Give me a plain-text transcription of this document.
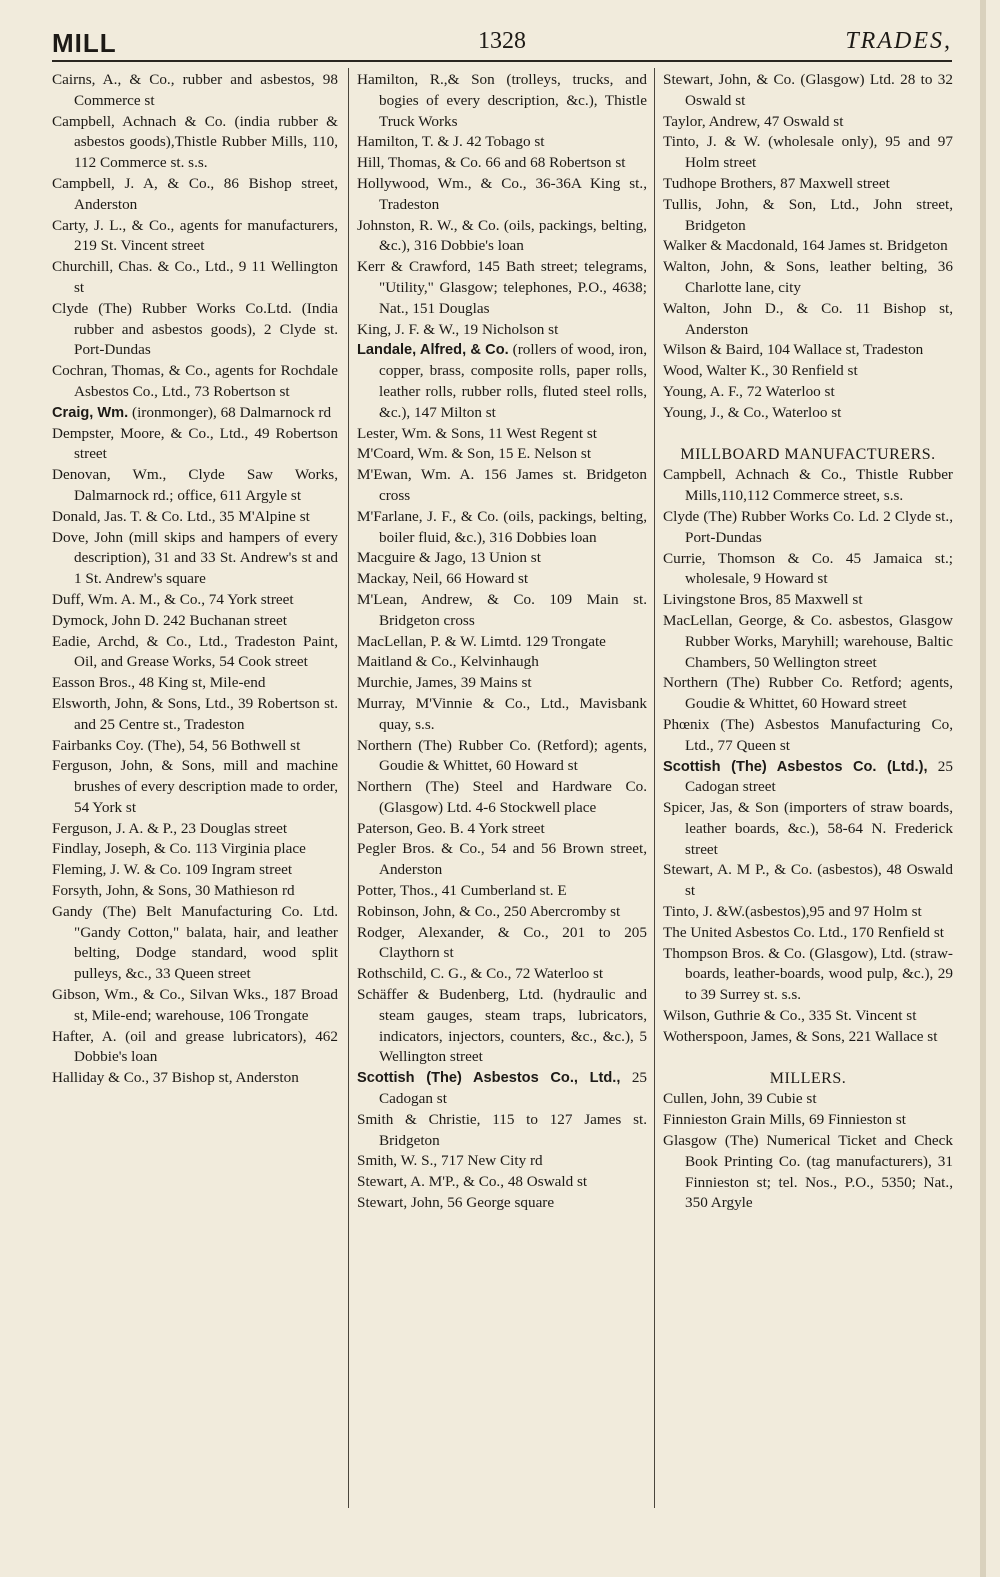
MILL	1328	TRADES,
Cairns, A., & Co., rubber and asbestos, 98 Commerce st
Campbell, Achnach & Co. (india rubber & asbestos goods),Thistle Rubber Mills, 110, 112 Commerce st. s.s.
Campbell, J. A, & Co., 86 Bishop street, Anderston
Carty, J. L., & Co., agents for manufacturers, 219 St. Vincent street
Churchill, Chas. & Co., Ltd., 9 11 Wellington st
Clyde (The) Rubber Works Co.Ltd. (India rubber and asbestos goods), 2 Clyde st. Port-Dundas
Cochran, Thomas, & Co., agents for Rochdale Asbestos Co., Ltd., 73 Robertson st
Craig, Wm. (ironmonger), 68 Dalmarnock rd
Dempster, Moore, & Co., Ltd., 49 Robertson street
Denovan, Wm., Clyde Saw Works, Dalmarnock rd.; office, 611 Argyle st
Donald, Jas. T. & Co. Ltd., 35 M'Alpine st
Dove, John (mill skips and hampers of every description), 31 and 33 St. Andrew's st and 1 St. Andrew's square
Duff, Wm. A. M., & Co., 74 York street
Dymock, John D. 242 Buchanan street
Eadie, Archd, & Co., Ltd., Tradeston Paint, Oil, and Grease Works, 54 Cook street
Easson Bros., 48 King st, Mile-end
Elsworth, John, & Sons, Ltd., 39 Robertson st. and 25 Centre st., Tradeston
Fairbanks Coy. (The), 54, 56 Bothwell st
Ferguson, John, & Sons, mill and machine brushes of every description made to order, 54 York st
Ferguson, J. A. & P., 23 Douglas street
Findlay, Joseph, & Co. 113 Virginia place
Fleming, J. W. & Co. 109 Ingram street
Forsyth, John, & Sons, 30 Mathieson rd
Gandy (The) Belt Manufacturing Co. Ltd. "Gandy Cotton," balata, hair, and leather belting, Dodge standard, wood split pulleys, &c., 33 Queen street
Gibson, Wm., & Co., Silvan Wks., 187 Broad st, Mile-end; warehouse, 106 Trongate
Hafter, A. (oil and grease lubricators), 462 Dobbie's loan
Halliday & Co., 37 Bishop st, Anderston
Hamilton, R.,& Son (trolleys, trucks, and bogies of every description, &c.), Thistle Truck Works
Hamilton, T. & J. 42 Tobago st
Hill, Thomas, & Co. 66 and 68 Robertson st
Hollywood, Wm., & Co., 36-36A King st., Tradeston
Johnston, R. W., & Co. (oils, packings, belting, &c.), 316 Dobbie's loan
Kerr & Crawford, 145 Bath street; telegrams, "Utility," Glasgow; telephones, P.O., 4638; Nat., 151 Douglas
King, J. F. & W., 19 Nicholson st
Landale, Alfred, & Co. (rollers of wood, iron, copper, brass, composite rolls, paper rolls, leather rolls, rubber rolls, fluted steel rolls, &c.), 147 Milton st
Lester, Wm. & Sons, 11 West Regent st
M'Coard, Wm. & Son, 15 E. Nelson st
M'Ewan, Wm. A. 156 James st. Bridgeton cross
M'Farlane, J. F., & Co. (oils, packings, belting, boiler fluid, &c.), 316 Dobbies loan
Macguire & Jago, 13 Union st
Mackay, Neil, 66 Howard st
M'Lean, Andrew, & Co. 109 Main st. Bridgeton cross
MacLellan, P. & W. Limtd. 129 Trongate
Maitland & Co., Kelvinhaugh
Murchie, James, 39 Mains st
Murray, M'Vinnie & Co., Ltd., Mavisbank quay, s.s.
Northern (The) Rubber Co. (Retford); agents, Goudie & Whittet, 60 Howard st
Northern (The) Steel and Hardware Co. (Glasgow) Ltd. 4-6 Stockwell place
Paterson, Geo. B. 4 York street
Pegler Bros. & Co., 54 and 56 Brown street, Anderston
Potter, Thos., 41 Cumberland st. E
Robinson, John, & Co., 250 Abercromby st
Rodger, Alexander, & Co., 201 to 205 Claythorn st
Rothschild, C. G., & Co., 72 Waterloo st
Schäffer & Budenberg, Ltd. (hydraulic and steam gauges, steam traps, lubricators, indicators, injectors, counters, &c., &c.), 5 Wellington street
Scottish (The) Asbestos Co., Ltd., 25 Cadogan st
Smith & Christie, 115 to 127 James st. Bridgeton
Smith, W. S., 717 New City rd
Stewart, A. M'P., & Co., 48 Oswald st
Stewart, John, 56 George square
Stewart, John, & Co. (Glasgow) Ltd. 28 to 32 Oswald st
Taylor, Andrew, 47 Oswald st
Tinto, J. & W. (wholesale only), 95 and 97 Holm street
Tudhope Brothers, 87 Maxwell street
Tullis, John, & Son, Ltd., John street, Bridgeton
Walker & Macdonald, 164 James st. Bridgeton
Walton, John, & Sons, leather belting, 36 Charlotte lane, city
Walton, John D., & Co. 11 Bishop st, Anderston
Wilson & Baird, 104 Wallace st, Tradeston
Wood, Walter K., 30 Renfield st
Young, A. F., 72 Waterloo st
Young, J., & Co., Waterloo st
MILLBOARD MANUFACTURERS.
Campbell, Achnach & Co., Thistle Rubber Mills,110,112 Commerce street, s.s.
Clyde (The) Rubber Works Co. Ld. 2 Clyde st., Port-Dundas
Currie, Thomson & Co. 45 Jamaica st.; wholesale, 9 Howard st
Livingstone Bros, 85 Maxwell st
MacLellan, George, & Co. asbestos, Glasgow Rubber Works, Maryhill; warehouse, Baltic Chambers, 50 Wellington street
Northern (The) Rubber Co. Retford; agents, Goudie & Whittet, 60 Howard street
Phœnix (The) Asbestos Manufacturing Co, Ltd., 77 Queen st
Scottish (The) Asbestos Co. (Ltd.), 25 Cadogan street
Spicer, Jas, & Son (importers of straw boards, leather boards, &c.), 58-64 N. Frederick street
Stewart, A. M P., & Co. (asbestos), 48 Oswald st
Tinto, J. &W.(asbestos),95 and 97 Holm st
The United Asbestos Co. Ltd., 170 Renfield st
Thompson Bros. & Co. (Glasgow), Ltd. (straw-boards, leather-boards, wood pulp, &c.), 29 to 39 Surrey st. s.s.
Wilson, Guthrie & Co., 335 St. Vincent st
Wotherspoon, James, & Sons, 221 Wallace st
MILLERS.
Cullen, John, 39 Cubie st
Finnieston Grain Mills, 69 Finnieston st
Glasgow (The) Numerical Ticket and Check Book Printing Co. (tag manufacturers), 31 Finnieston st; tel. Nos., P.O., 5350; Nat., 350 Argyle
